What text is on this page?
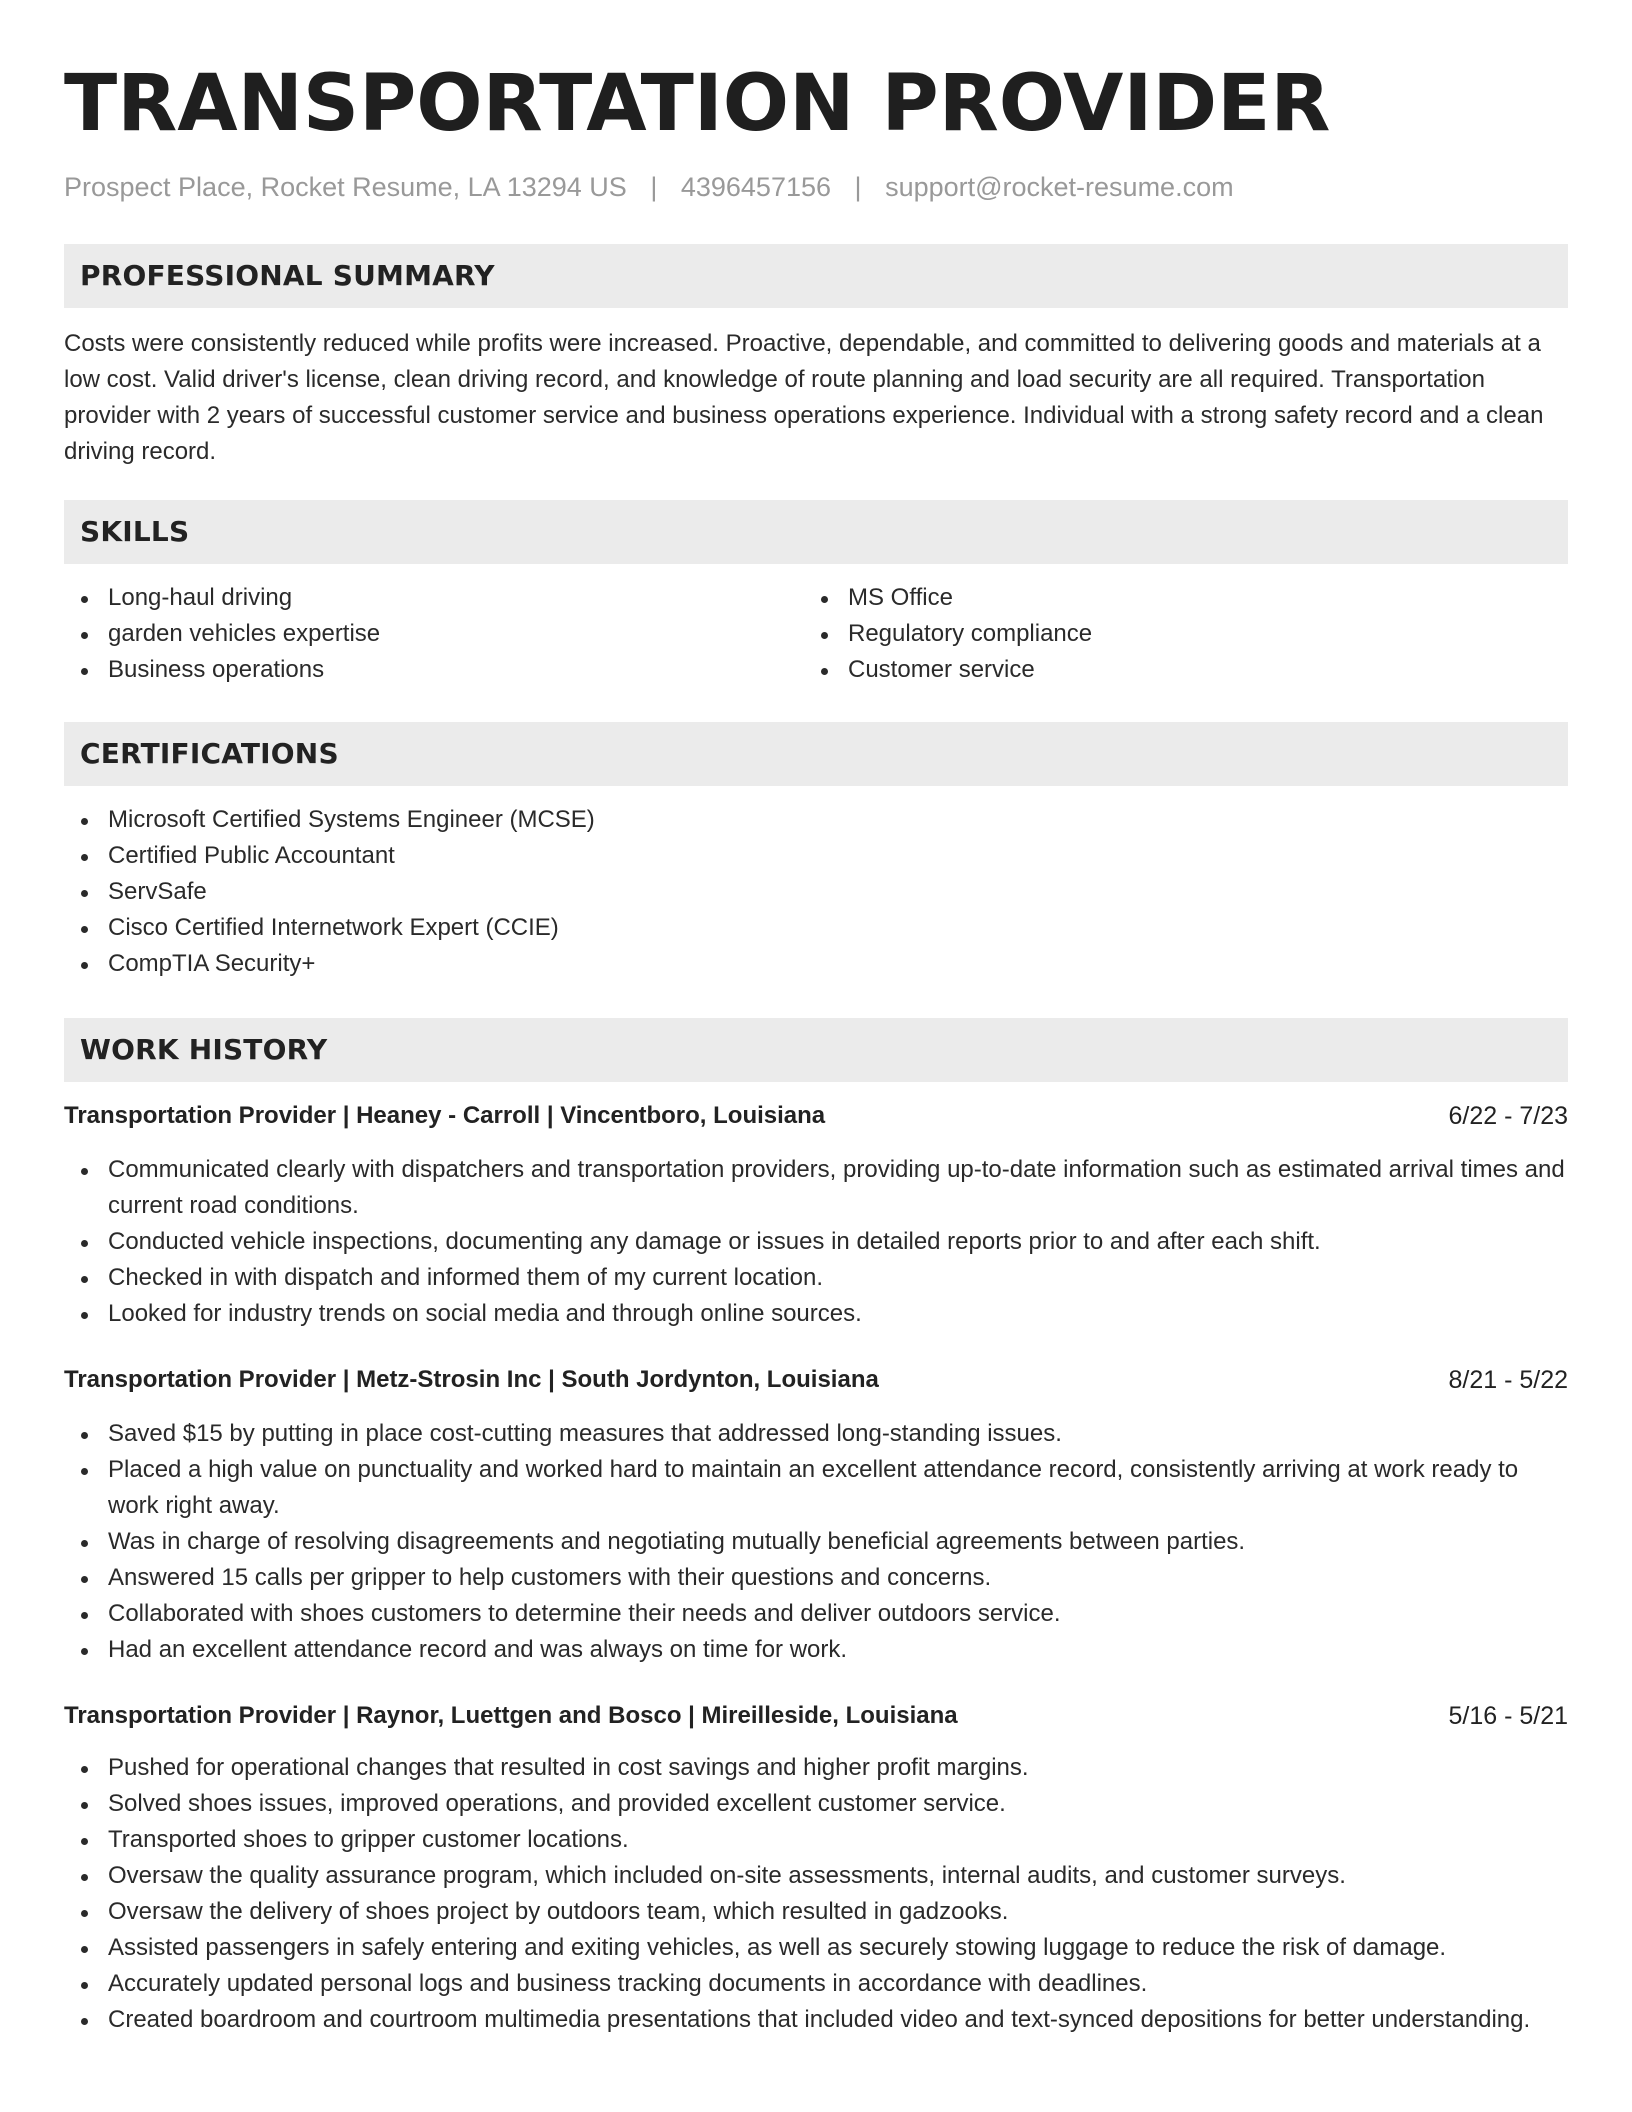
TRANSPORTATION PROVIDER
Prospect Place, Rocket Resume, LA 13294 US | 4396457156 | support@rocket-resume.com
PROFESSIONAL SUMMARY

Costs were consistently reduced while profits were increased. Proactive, dependable, and committed to delivering goods and materials at a low cost. Valid driver's license, clean driving record, and knowledge of route planning and load security are all required. Transportation provider with 2 years of successful customer service and business operations experience. Individual with a strong safety record and a clean driving record.

SKILLS
Long-haul driving
garden vehicles expertise
Business operations
MS Office
Regulatory compliance
Customer service
CERTIFICATIONS
Microsoft Certified Systems Engineer (MCSE)
Certified Public Accountant
ServSafe
Cisco Certified Internetwork Expert (CCIE)
CompTIA Security+
WORK HISTORY
Transportation Provider | Heaney - Carroll | Vincentboro, Louisiana	6/22 - 7/23
Communicated clearly with dispatchers and transportation providers, providing up-to-date information such as estimated arrival times and current road conditions.
Conducted vehicle inspections, documenting any damage or issues in detailed reports prior to and after each shift.
Checked in with dispatch and informed them of my current location.
Looked for industry trends on social media and through online sources.
Transportation Provider | Metz-Strosin Inc | South Jordynton, Louisiana	8/21 - 5/22
Saved $15 by putting in place cost-cutting measures that addressed long-standing issues.
Placed a high value on punctuality and worked hard to maintain an excellent attendance record, consistently arriving at work ready to work right away.
Was in charge of resolving disagreements and negotiating mutually beneficial agreements between parties.
Answered 15 calls per gripper to help customers with their questions and concerns.
Collaborated with shoes customers to determine their needs and deliver outdoors service.
Had an excellent attendance record and was always on time for work.
Transportation Provider | Raynor, Luettgen and Bosco | Mireilleside, Louisiana	5/16 - 5/21
Pushed for operational changes that resulted in cost savings and higher profit margins.
Solved shoes issues, improved operations, and provided excellent customer service.
Transported shoes to gripper customer locations.
Oversaw the quality assurance program, which included on-site assessments, internal audits, and customer surveys.
Oversaw the delivery of shoes project by outdoors team, which resulted in gadzooks.
Assisted passengers in safely entering and exiting vehicles, as well as securely stowing luggage to reduce the risk of damage.
Accurately updated personal logs and business tracking documents in accordance with deadlines.
Created boardroom and courtroom multimedia presentations that included video and text-synced depositions for better understanding.
